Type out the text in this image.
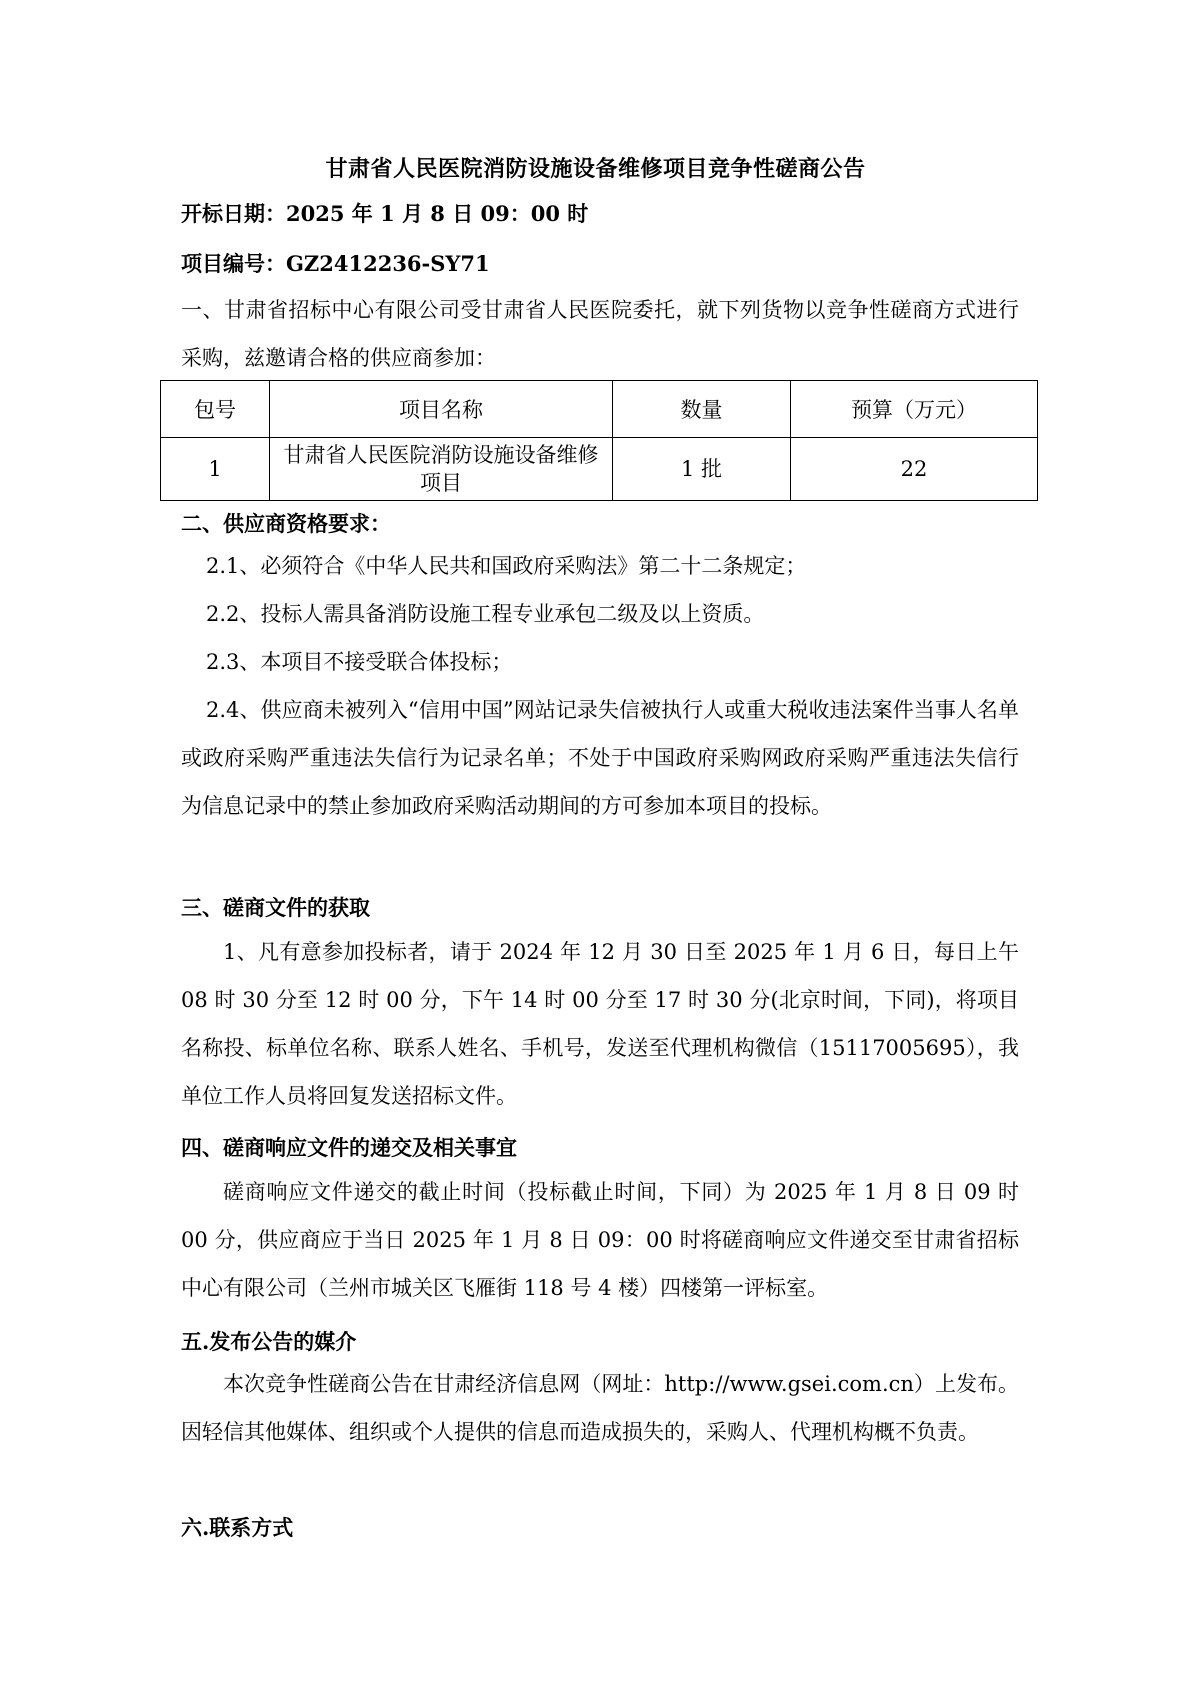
甘肃省人民医院消防设施设备维修项目竞争性磋商公告
开标日期：2025 年 1 月 8 日 09：00 时
项目编号：GZ2412236-SY71
一、甘肃省招标中心有限公司受甘肃省人民医院委托，就下列货物以竞争性磋商方式进行采购，兹邀请合格的供应商参加：
包号	项目名称	数量	预算（万元）
1	甘肃省人民医院消防设施设备维修项目	1 批	22
二、供应商资格要求：
2.1、必须符合《中华人民共和国政府采购法》第二十二条规定；
2.2、投标人需具备消防设施工程专业承包二级及以上资质。
2.3、本项目不接受联合体投标；
2.4、供应商未被列入“信用中国”网站记录失信被执行人或重大税收违法案件当事人名单或政府采购严重违法失信行为记录名单；不处于中国政府采购网政府采购严重违法失信行为信息记录中的禁止参加政府采购活动期间的方可参加本项目的投标。
三、磋商文件的获取
1、凡有意参加投标者，请于 2024 年 12 月 30 日至 2025 年 1 月 6 日，每日上午 08 时 30 分至 12 时 00 分，下午 14 时 00 分至 17 时 30 分(北京时间，下同)，将项目名称投、标单位名称、联系人姓名、手机号，发送至代理机构微信（15117005695），我单位工作人员将回复发送招标文件。
四、磋商响应文件的递交及相关事宜
磋商响应文件递交的截止时间（投标截止时间，下同）为 2025 年 1 月 8 日 09 时 00 分，供应商应于当日 2025 年 1 月 8 日 09：00 时将磋商响应文件递交至甘肃省招标中心有限公司（兰州市城关区飞雁街 118 号 4 楼）四楼第一评标室。
五.发布公告的媒介
本次竞争性磋商公告在甘肃经济信息网（网址：http://www.gsei.com.cn）上发布。因轻信其他媒体、组织或个人提供的信息而造成损失的，采购人、代理机构概不负责。
六.联系方式
